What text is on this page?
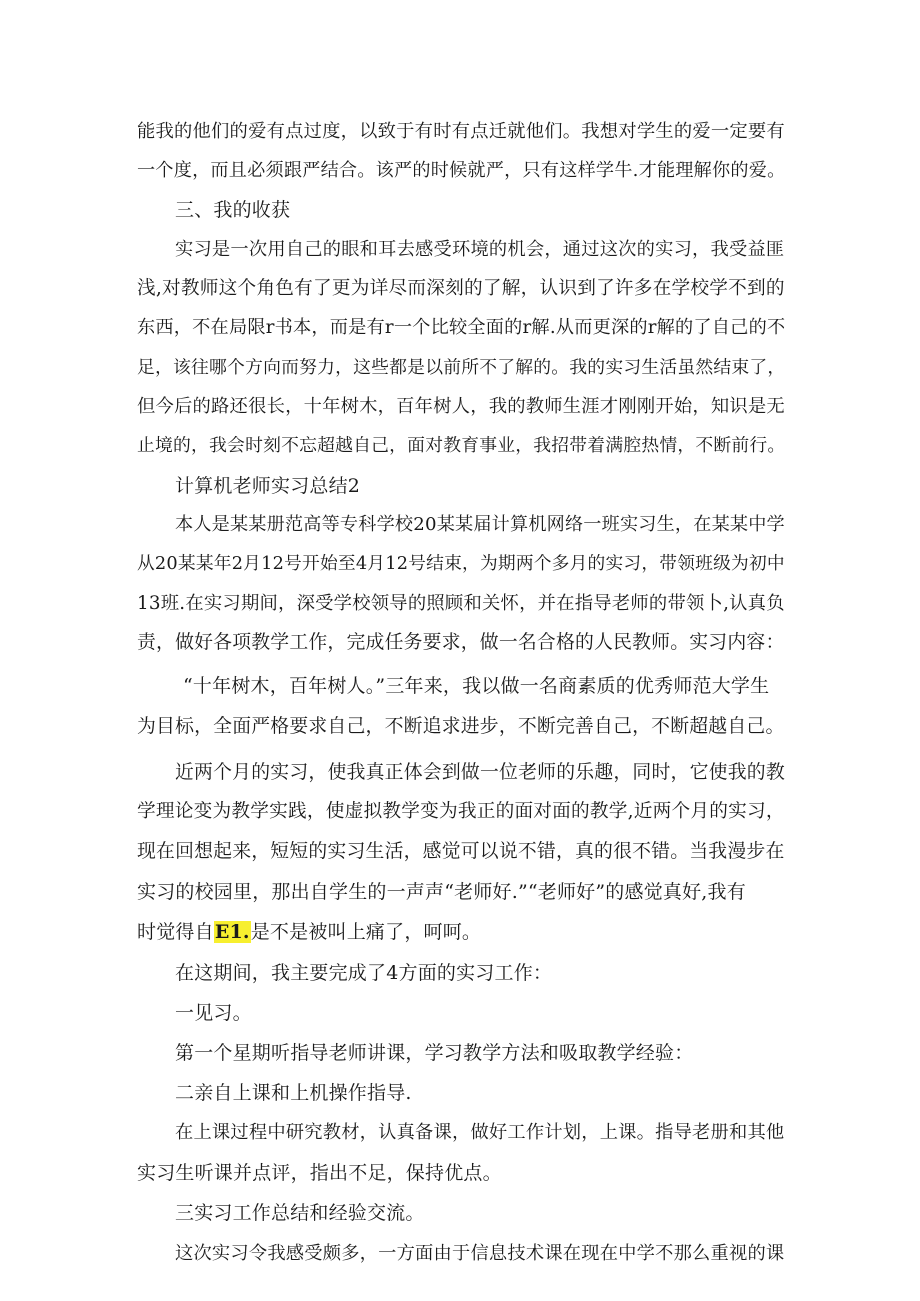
能我的他们的爱有点过度，以致于有时有点迁就他们。我想对学生的爱一定要有

一个度，而且必须跟严结合。该严的时候就严，只有这样学牛.才能理解你的爱。

三、我的收获

实习是一次用自己的眼和耳去感受环境的机会，通过这次的实习，我受益匪

浅,对教师这个角色有了更为详尽而深刻的了解，认识到了许多在学校学不到的

东西，不在局限r书本，而是有r一个比较全面的r解.从而更深的r解的了自己的不

足，该往哪个方向而努力，这些都是以前所不了解的。我的实习生活虽然结束了，

但今后的路还很长，十年树木，百年树人，我的教师生涯才刚刚开始，知识是无

止境的，我会时刻不忘超越自己，面对教育事业，我招带着满腔热情，不断前行。

计算机老师实习总结2

本人是某某册范高等专科学校20某某届计算机网络一班实习生，在某某中学

从20某某年2月12号开始至4月12号结束，为期两个多月的实习，带领班级为初中

13班.在实习期间，深受学校领导的照顾和关怀，并在指导老师的带领卜,认真负

责，做好各项教学工作，完成任务要求，做一名合格的人民教师。实习内容：

“十年树木，百年树人。”三年来，我以做一名商素质的优秀师范大学生

为目标，全面严格要求自己，不断追求进步，不断完善自己，不断超越自己。

近两个月的实习，使我真正体会到做一位老师的乐趣，同时，它使我的教

学理论变为教学实践，使虚拟教学变为我正的面对面的教学,近两个月的实习，

现在回想起来，短短的实习生活，感觉可以说不错，真的很不错。当我漫步在

实习的校园里，那出自学生的一声声“老师好.”“老师好”的感觉真好,我有

时觉得自E1.是不是被叫上痛了，呵呵。

在这期间，我主要完成了4方面的实习工作：

一见习。

第一个星期听指导老师讲课，学习教学方法和吸取教学经验：

二亲自上课和上机操作指导.

在上课过程中研究教材，认真备课，做好工作计划，上课。指导老册和其他

实习生听课并点评，指出不足，保持优点。

三实习工作总结和经验交流。

这次实习令我感受颇多，一方面由于信息技术课在现在中学不那么重视的课
